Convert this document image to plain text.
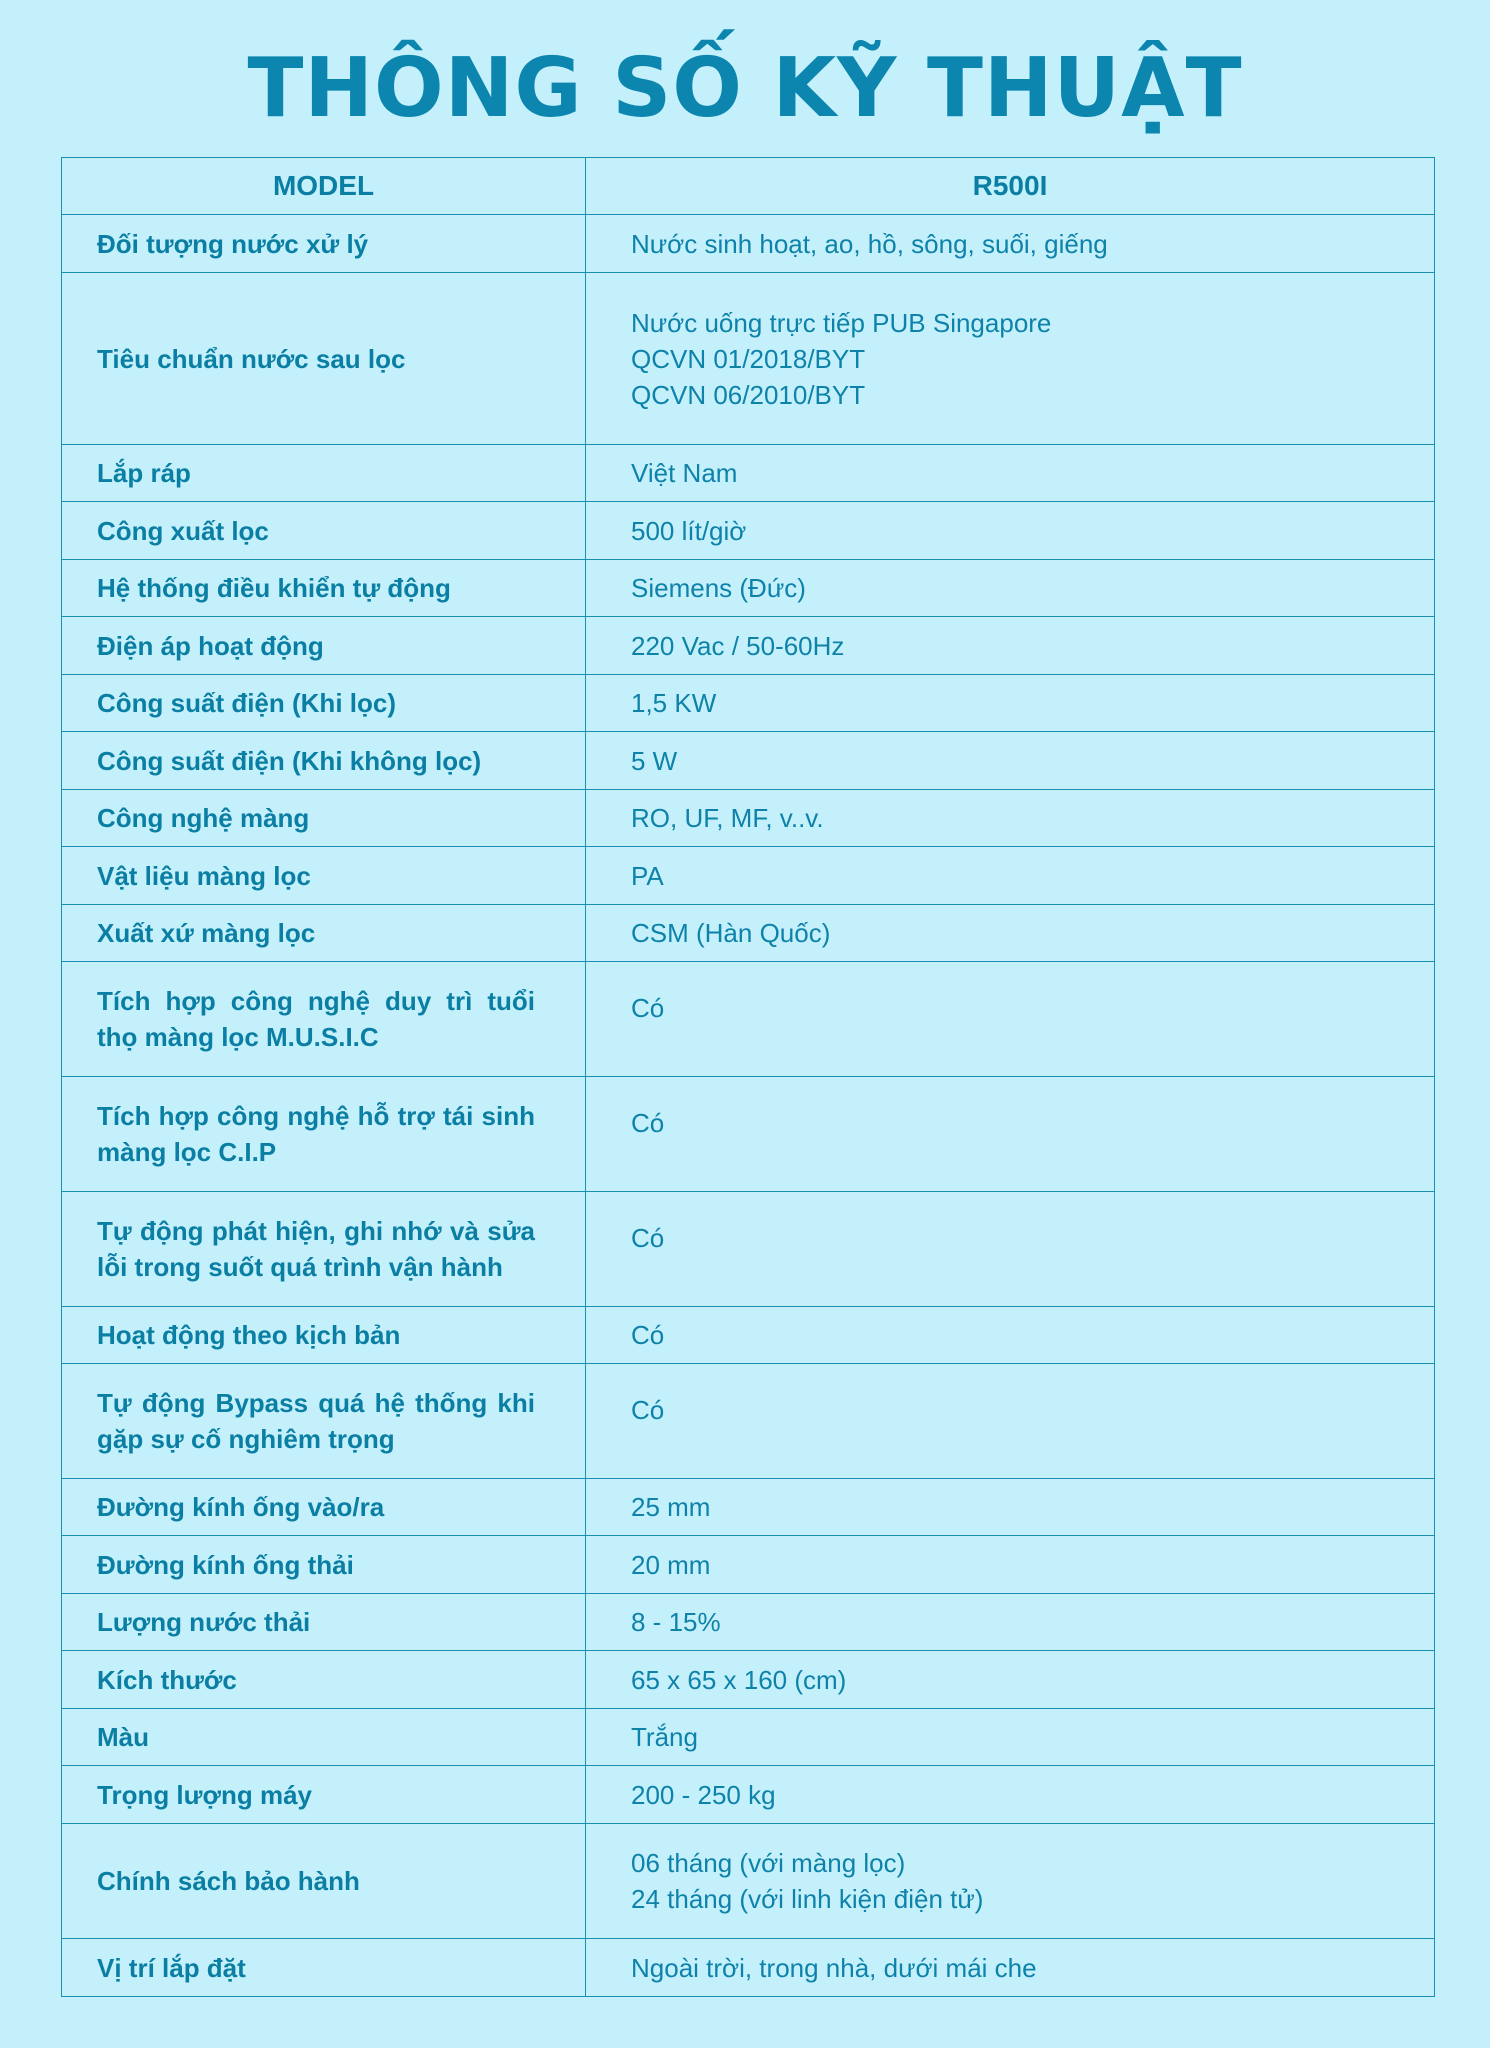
THÔNG SỐ KỸ THUẬT
MODEL	R500I
Đối tượng nước xử lý	Nước sinh hoạt, ao, hồ, sông, suối, giếng

Tiêu chuẩn nước sau lọc	Nước uống trực tiếp PUB Singapore
QCVN 01/2018/BYT
QCVN 06/2010/BYT

Lắp ráp	Việt Nam

Công xuất lọc	500 lít/giờ

Hệ thống điều khiển tự động	Siemens (Đức)

Điện áp hoạt động	220 Vac / 50-60Hz

Công suất điện (Khi lọc)	1,5 KW

Công suất điện (Khi không lọc)	5 W

Công nghệ màng	RO, UF, MF, v..v.

Vật liệu màng lọc	PA

Xuất xứ màng lọc	CSM (Hàn Quốc)

Tích hợp công nghệ duy trì tuổi thọ màng lọc M.U.S.I.C	Có

Tích hợp công nghệ hỗ trợ tái sinh màng lọc C.I.P	Có

Tự động phát hiện, ghi nhớ và sửa lỗi trong suốt quá trình vận hành	Có

Hoạt động theo kịch bản	Có

Tự động Bypass quá hệ thống khi gặp sự cố nghiêm trọng	Có

Đường kính ống vào/ra	25 mm

Đường kính ống thải	20 mm

Lượng nước thải	8 - 15%

Kích thước	65 x 65 x 160 (cm)

Màu	Trắng

Trọng lượng máy	200 - 250 kg

Chính sách bảo hành	06 tháng (với màng lọc)
24 tháng (với linh kiện điện tử)

Vị trí lắp đặt	Ngoài trời, trong nhà, dưới mái che
